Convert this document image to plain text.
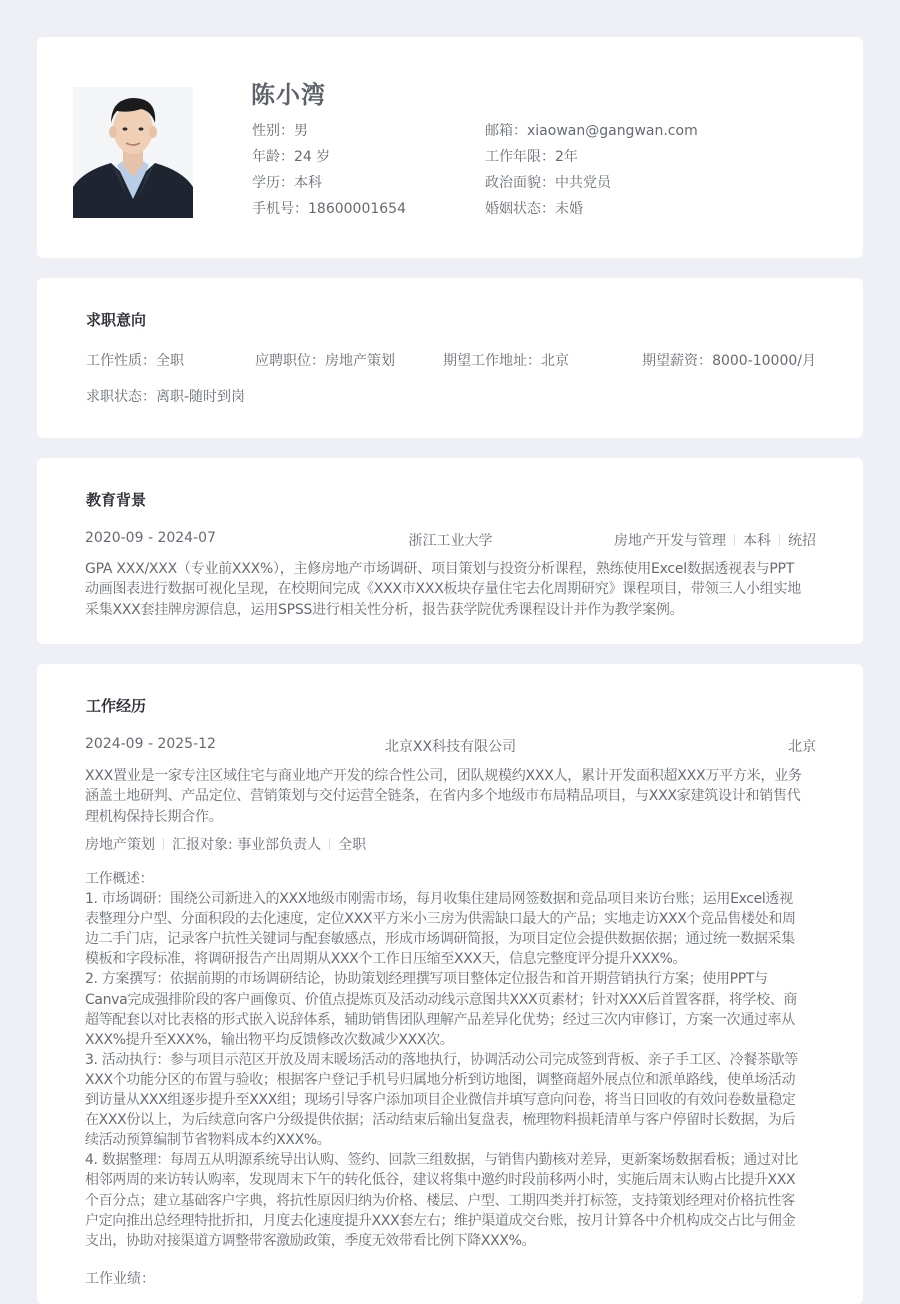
陈小湾
性别：男
年龄：24 岁
学历：本科
手机号：18600001654
邮箱：xiaowan@gangwan.com
工作年限：2年
政治面貌：中共党员
婚姻状态：未婚
求职意向
工作性质：全职	应聘职位：房地产策划	期望工作地址：北京	期望薪资：8000-10000/月
求职状态：离职-随时到岗
教育背景
2020-09 - 2024-07	浙江工业大学	房地产开发与管理 本科 统招
GPA XXX/XXX（专业前XXX%），主修房地产市场调研、项目策划与投资分析课程，熟练使用Excel数据透视表与PPT
动画图表进行数据可视化呈现，在校期间完成《XXX市XXX板块存量住宅去化周期研究》课程项目，带领三人小组实地
采集XXX套挂牌房源信息，运用SPSS进行相关性分析，报告获学院优秀课程设计并作为教学案例。
工作经历
2024-09 - 2025-12	北京XX科技有限公司	北京
XXX置业是一家专注区域住宅与商业地产开发的综合性公司，团队规模约XXX人，累计开发面积超XXX万平方米，业务
涵盖土地研判、产品定位、营销策划与交付运营全链条，在省内多个地级市布局精品项目，与XXX家建筑设计和销售代
理机构保持长期合作。
房地产策划 汇报对象: 事业部负责人 全职

工作概述：

1. 市场调研：围绕公司新进入的XXX地级市刚需市场，每月收集住建局网签数据和竞品项目来访台账；运用Excel透视

表整理分户型、分面积段的去化速度，定位XXX平方米小三房为供需缺口最大的产品；实地走访XXX个竞品售楼处和周

边二手门店，记录客户抗性关键词与配套敏感点，形成市场调研简报，为项目定位会提供数据依据；通过统一数据采集

模板和字段标准，将调研报告产出周期从XXX个工作日压缩至XXX天，信息完整度评分提升XXX%。

2. 方案撰写：依据前期的市场调研结论，协助策划经理撰写项目整体定位报告和首开期营销执行方案；使用PPT与

Canva完成强排阶段的客户画像页、价值点提炼页及活动动线示意图共XXX页素材；针对XXX后首置客群，将学校、商

超等配套以对比表格的形式嵌入说辞体系，辅助销售团队理解产品差异化优势；经过三次内审修订，方案一次通过率从

XXX%提升至XXX%，输出物平均反馈修改次数减少XXX次。

3. 活动执行：参与项目示范区开放及周末暖场活动的落地执行，协调活动公司完成签到背板、亲子手工区、冷餐茶歇等

XXX个功能分区的布置与验收；根据客户登记手机号归属地分析到访地图，调整商超外展点位和派单路线，使单场活动

到访量从XXX组逐步提升至XXX组；现场引导客户添加项目企业微信并填写意向问卷，将当日回收的有效问卷数量稳定

在XXX份以上，为后续意向客户分级提供依据；活动结束后输出复盘表，梳理物料损耗清单与客户停留时长数据，为后

续活动预算编制节省物料成本约XXX%。

4. 数据整理：每周五从明源系统导出认购、签约、回款三组数据，与销售内勤核对差异，更新案场数据看板；通过对比

相邻两周的来访转认购率，发现周末下午的转化低谷，建议将集中邀约时段前移两小时，实施后周末认购占比提升XXX

个百分点；建立基础客户字典，将抗性原因归纳为价格、楼层、户型、工期四类并打标签，支持策划经理对价格抗性客

户定向推出总经理特批折扣，月度去化速度提升XXX套左右；维护渠道成交台账，按月计算各中介机构成交占比与佣金

支出，协助对接渠道方调整带客激励政策，季度无效带看比例下降XXX%。

工作业绩：
